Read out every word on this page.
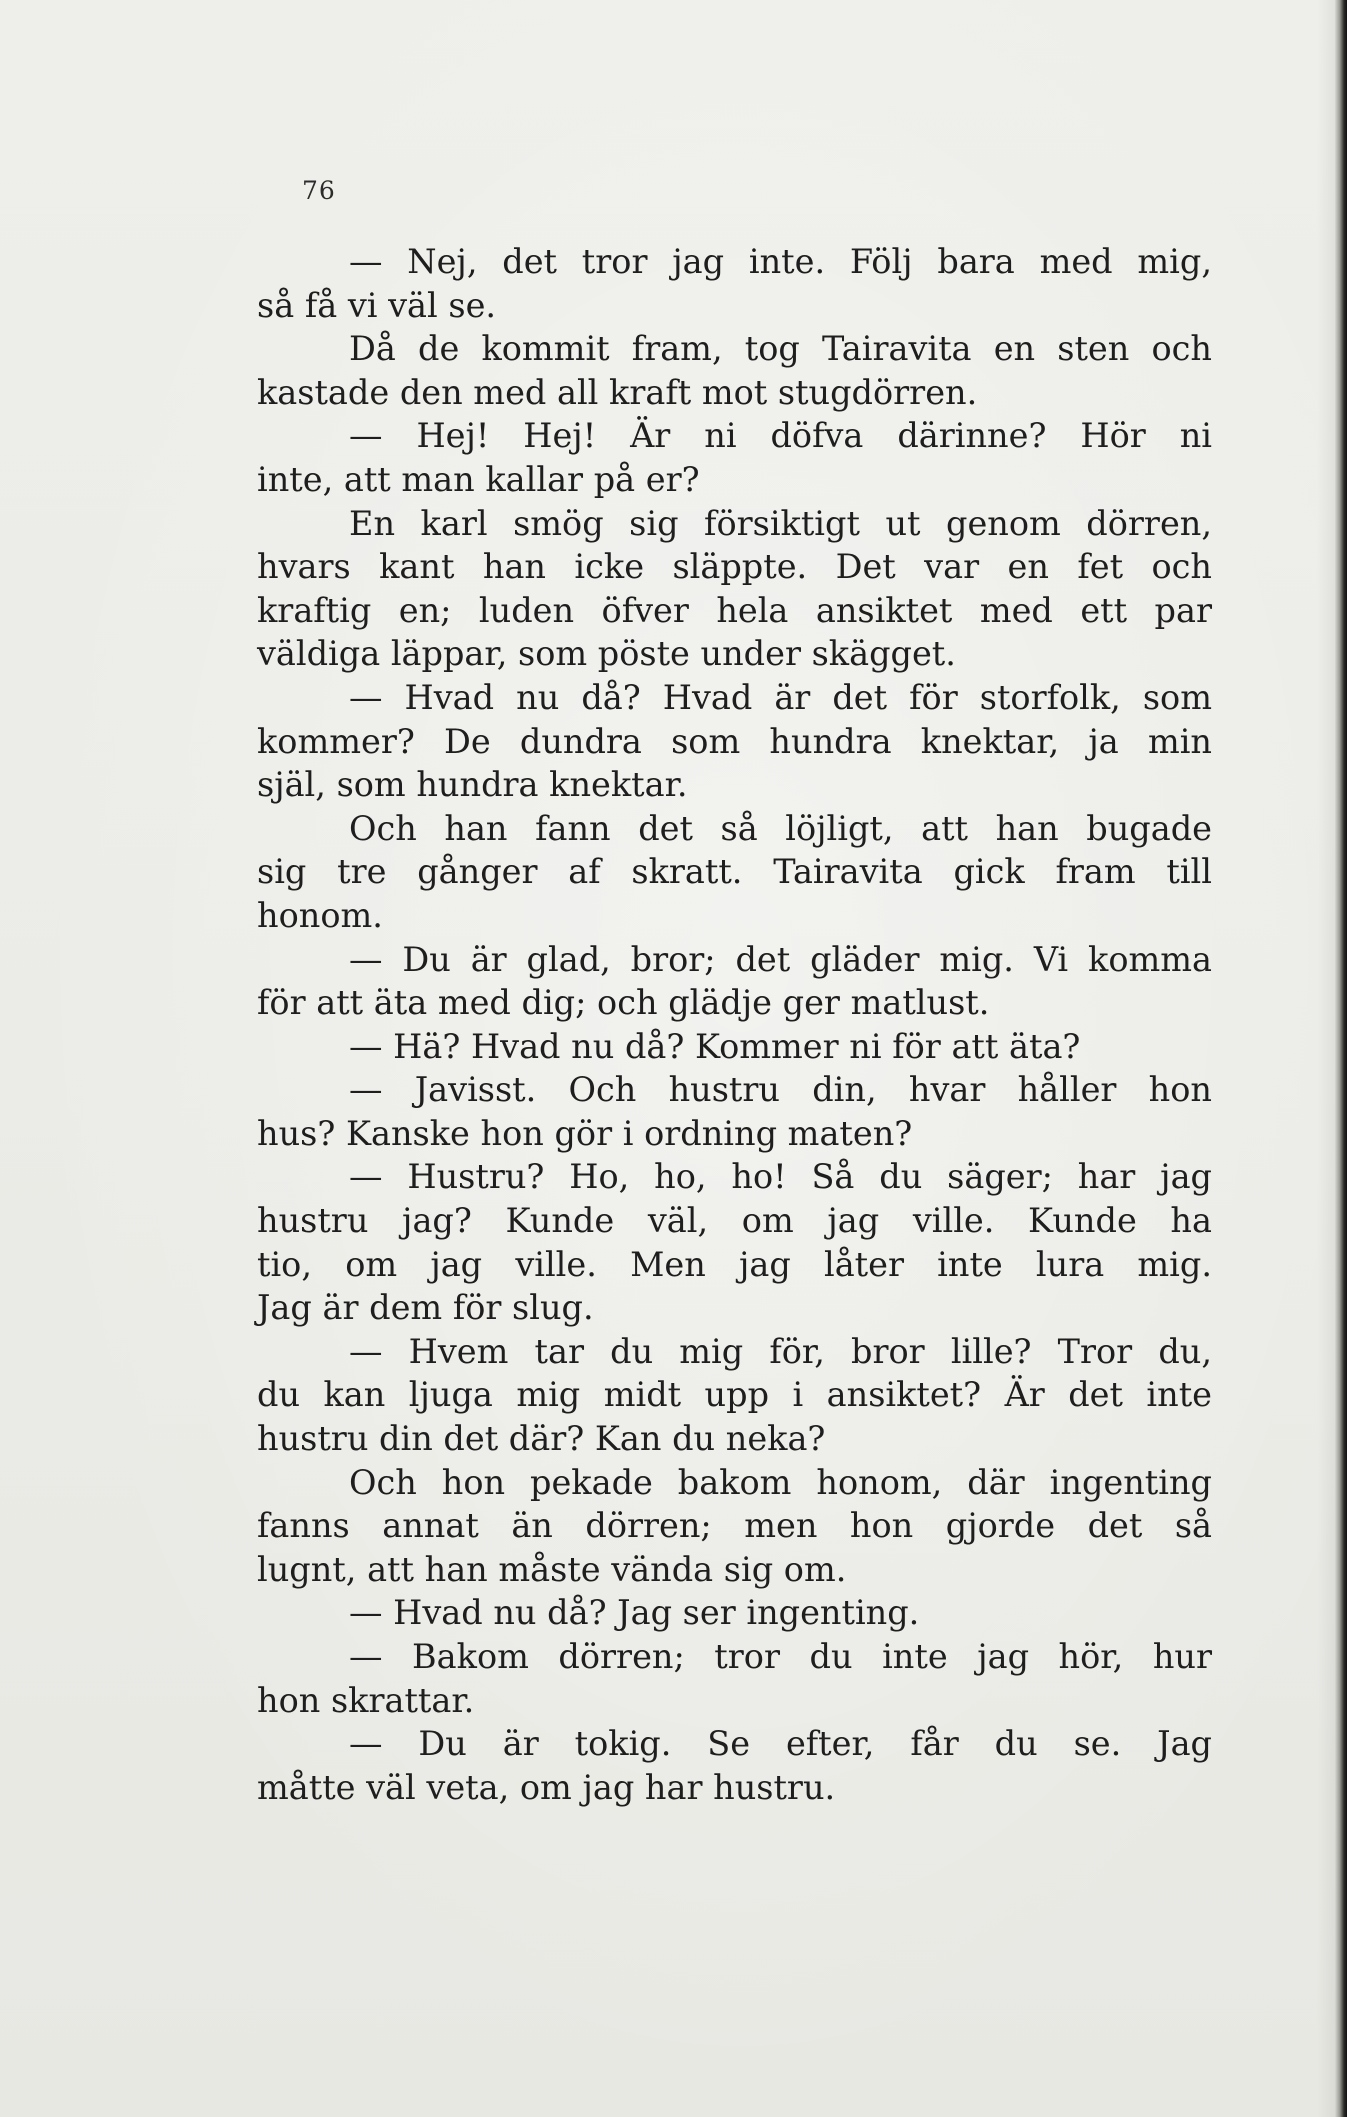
76
— Nej, det tror jag inte. Följ bara med mig,
så få vi väl se.
Då de kommit fram, tog Tairavita en sten och
kastade den med all kraft mot stugdörren.
— Hej! Hej! Är ni döfva därinne? Hör ni
inte, att man kallar på er?
En karl smög sig försiktigt ut genom dörren,
hvars kant han icke släppte. Det var en fet och
kraftig en; luden öfver hela ansiktet med ett par
väldiga läppar, som pöste under skägget.
— Hvad nu då? Hvad är det för storfolk, som
kommer? De dundra som hundra knektar, ja min
själ, som hundra knektar.
Och han fann det så löjligt, att han bugade
sig tre gånger af skratt. Tairavita gick fram till
honom.
— Du är glad, bror; det gläder mig. Vi komma
för att äta med dig; och glädje ger matlust.
— Hä? Hvad nu då? Kommer ni för att äta?
— Javisst. Och hustru din, hvar håller hon
hus? Kanske hon gör i ordning maten?
— Hustru? Ho, ho, ho! Så du säger; har jag
hustru jag? Kunde väl, om jag ville. Kunde ha
tio, om jag ville. Men jag låter inte lura mig.
Jag är dem för slug.
— Hvem tar du mig för, bror lille? Tror du,
du kan ljuga mig midt upp i ansiktet? Är det inte
hustru din det där? Kan du neka?
Och hon pekade bakom honom, där ingenting
fanns annat än dörren; men hon gjorde det så
lugnt, att han måste vända sig om.
— Hvad nu då? Jag ser ingenting.
— Bakom dörren; tror du inte jag hör, hur
hon skrattar.
— Du är tokig. Se efter, får du se. Jag
måtte väl veta, om jag har hustru.
